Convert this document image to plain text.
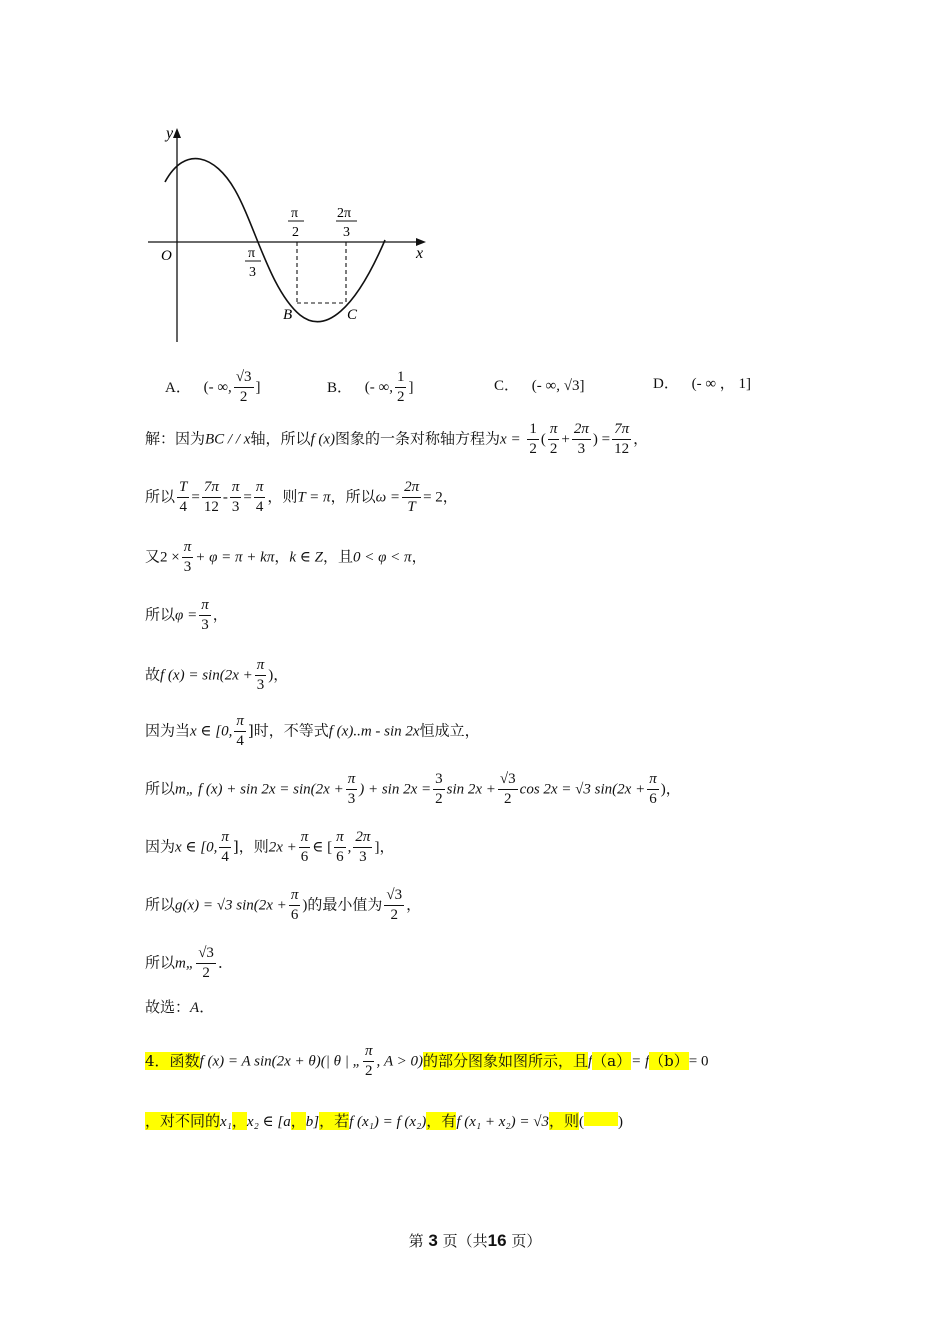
y
x
O	π
3
π
2
2π
3
B	C
A． (- ∞, $\frac{√3}{2}$ ]	B． (- ∞, $\frac{1}{2}$ ]	C． (- ∞, √3]	D． (- ∞ ， 1]
解：因为BC / / x轴，所以f (x)图象的一条对称轴方程为$x = \frac{1}{2}$ ( $\frac{\pi}{2} + \frac{2\pi}{3}$ ) = $\frac{7\pi}{12}$ ，
所以 $\frac{T}{4} = \frac{7\pi}{12} - \frac{\pi}{3} = \frac{\pi}{4}$ ，则T = π，所以$\omega = \frac{2\pi}{T} = 2$，
又$2 \times \frac{\pi}{3} + \varphi = \pi + k\pi$，k ∈ Z，且0 < φ < π，
所以$\varphi = \frac{\pi}{3}$ ，
故f $(x) = \sin(2x + \frac{\pi}{3}$ )，
因为当x ∈ [0, $\frac{\pi}{4}$ ]时，不等式f (x)..m - sin 2x恒成立，
所以m„ f $(x) + \sin 2x = \sin(2x + \frac{\pi}{3}$ ) + $\sin 2x = \frac{3}{2}$ $\sin 2x + \frac{√3}{2}$ cos 2x = √3 $\sin(2x + \frac{\pi}{6}$ )，
因为x ∈ [0, $\frac{\pi}{4}$ ]，则$2x + \frac{\pi}{6}$ ∈ [ $\frac{\pi}{6}$ , $\frac{2\pi}{3}$ ]，
所以g(x) = √3 $\sin(2x + \frac{\pi}{6}$ )的最小值为 $\frac{√3}{2}$ ，
所以m„ $\frac{√3}{2}$ ．
故选：A．
4．函数f (x) = A sin(2x + θ)(| θ | „ $\frac{\pi}{2}$ , A > 0)的部分图象如图所示，且f（a）= f（b）= 0
，对不同的x₁，x₂ ∈ [a，b]，若f (x₁) = f (x₂)，有f (x₁ + x₂) = √3，则( )
第 3 页（共16 页）
